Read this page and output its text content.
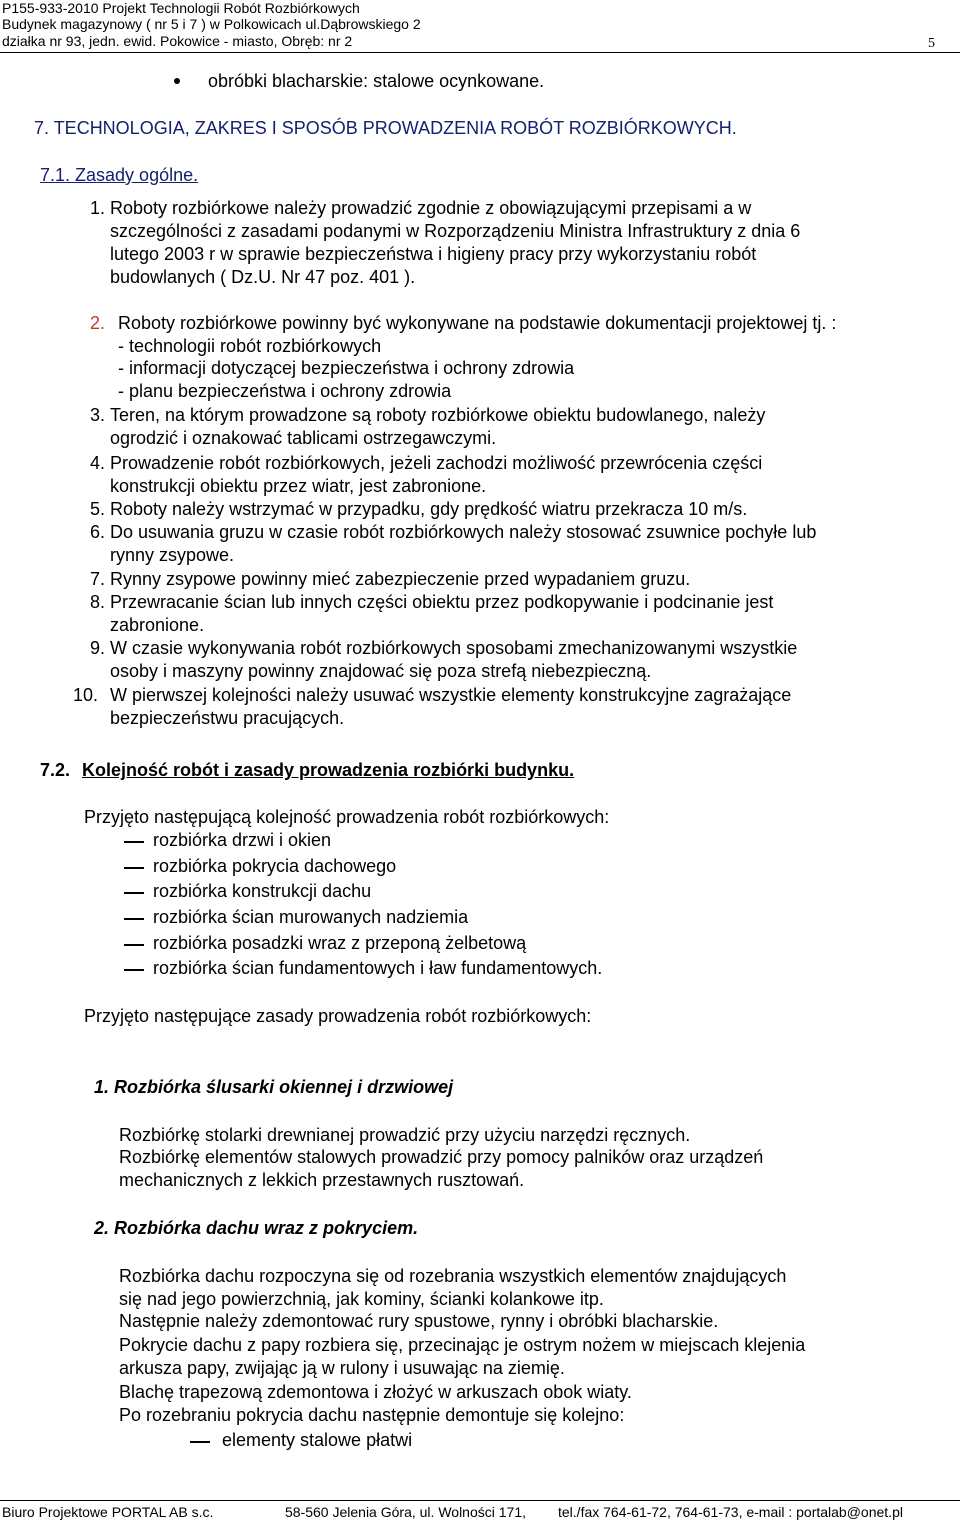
P155-933-2010 Projekt Technologii Robót Rozbiórkowych
Budynek magazynowy ( nr 5 i 7 ) w Polkowicach ul.Dąbrowskiego 2
działka nr 93, jedn. ewid. Pokowice - miasto, Obręb: nr 2	5
obróbki blacharskie: stalowe ocynkowane.
7. TECHNOLOGIA, ZAKRES I SPOSÓB PROWADZENIA ROBÓT ROZBIÓRKOWYCH.
7.1. Zasady ogólne.
1. Roboty rozbiórkowe należy prowadzić zgodnie z obowiązującymi przepisami a w
szczególności z zasadami podanymi w Rozporządzeniu Ministra Infrastruktury z dnia 6
lutego 2003 r w sprawie bezpieczeństwa i higieny pracy przy wykorzystaniu robót
budowlanych ( Dz.U. Nr 47 poz. 401 ).
2. Roboty rozbiórkowe powinny być wykonywane na podstawie dokumentacji projektowej tj. :
- technologii robót rozbiórkowych
- informacji dotyczącej bezpieczeństwa i ochrony zdrowia
- planu bezpieczeństwa i ochrony zdrowia
3. Teren, na którym prowadzone są roboty rozbiórkowe obiektu budowlanego, należy
ogrodzić i oznakować tablicami ostrzegawczymi.
4. Prowadzenie robót rozbiórkowych, jeżeli zachodzi możliwość przewrócenia części
konstrukcji obiektu przez wiatr, jest zabronione.
5. Roboty należy wstrzymać w przypadku, gdy prędkość wiatru przekracza 10 m/s.
6. Do usuwania gruzu w czasie robót rozbiórkowych należy stosować zsuwnice pochyłe lub
rynny zsypowe.
7. Rynny zsypowe powinny mieć zabezpieczenie przed wypadaniem gruzu.
8. Przewracanie ścian lub innych części obiektu przez podkopywanie i podcinanie jest
zabronione.
9. W czasie wykonywania robót rozbiórkowych sposobami zmechanizowanymi wszystkie
osoby i maszyny powinny znajdować się poza strefą niebezpieczną.
10. W pierwszej kolejności należy usuwać wszystkie elementy konstrukcyjne zagrażające
bezpieczeństwu pracujących.
7.2. Kolejność robót i zasady prowadzenia rozbiórki budynku.
Przyjęto następującą kolejność prowadzenia robót rozbiórkowych:
rozbiórka drzwi i okien
rozbiórka pokrycia dachowego
rozbiórka konstrukcji dachu
rozbiórka ścian murowanych nadziemia
rozbiórka posadzki wraz z przeponą żelbetową
rozbiórka ścian fundamentowych i ław fundamentowych.
Przyjęto następujące zasady prowadzenia robót rozbiórkowych:
1. Rozbiórka ślusarki okiennej i drzwiowej
Rozbiórkę stolarki drewnianej prowadzić przy użyciu narzędzi ręcznych.
Rozbiórkę elementów stalowych prowadzić przy pomocy palników oraz urządzeń
mechanicznych z lekkich przestawnych rusztowań.
2. Rozbiórka dachu wraz z pokryciem.
Rozbiórka dachu rozpoczyna się od rozebrania wszystkich elementów znajdujących
się nad jego powierzchnią, jak kominy, ścianki kolankowe itp.
Następnie należy zdemontować rury spustowe, rynny i obróbki blacharskie.
Pokrycie dachu z papy rozbiera się, przecinając je ostrym nożem w miejscach klejenia
arkusza papy, zwijając ją w rulony i usuwając na ziemię.
Blachę trapezową zdemontowa i złożyć w arkuszach obok wiaty.
Po rozebraniu pokrycia dachu następnie demontuje się kolejno:
elementy stalowe płatwi
Biuro Projektowe PORTAL AB s.c.	58-560 Jelenia Góra, ul. Wolności 171, tel./fax 764-61-72, 764-61-73, e-mail : portalab@onet.pl
